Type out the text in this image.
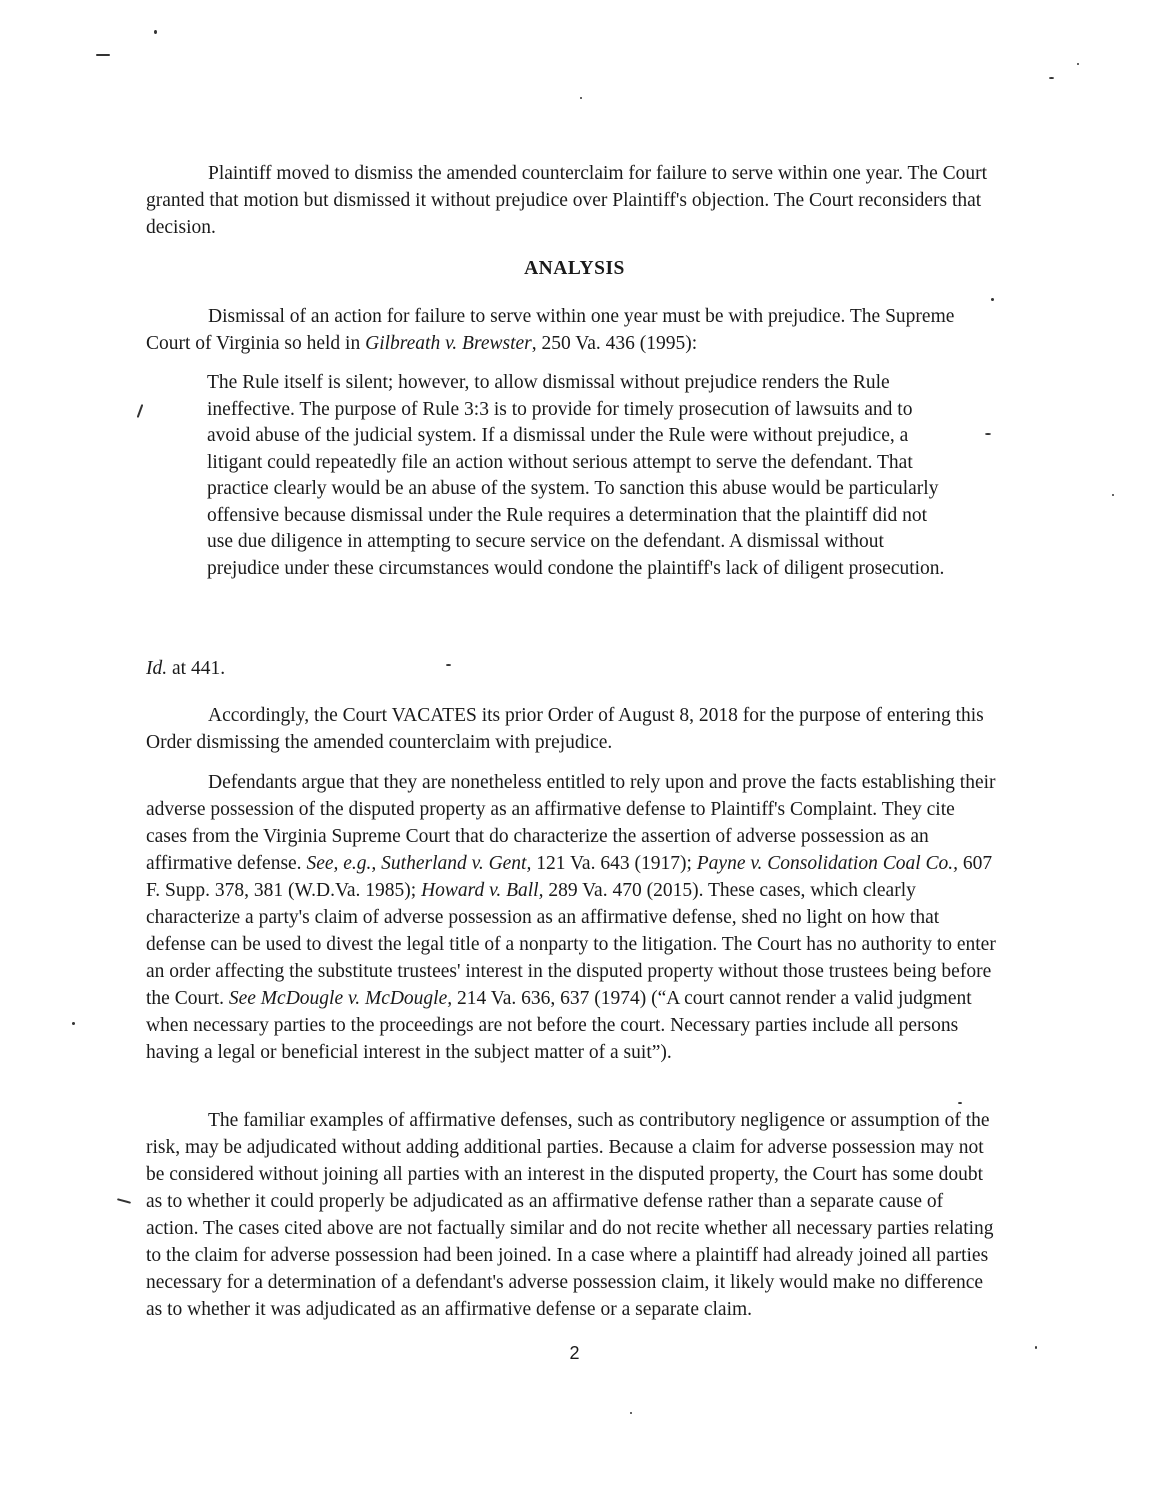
Plaintiff moved to dismiss the amended counterclaim for failure to serve within one year. The Court granted that motion but dismissed it without prejudice over Plaintiff's objection. The Court reconsiders that decision.

ANALYSIS

Dismissal of an action for failure to serve within one year must be with prejudice. The Supreme Court of Virginia so held in Gilbreath v. Brewster, 250 Va. 436 (1995):

The Rule itself is silent; however, to allow dismissal without prejudice renders the Rule ineffective. The purpose of Rule 3:3 is to provide for timely prosecution of lawsuits and to avoid abuse of the judicial system. If a dismissal under the Rule were without prejudice, a litigant could repeatedly file an action without serious attempt to serve the defendant. That practice clearly would be an abuse of the system. To sanction this abuse would be particularly offensive because dismissal under the Rule requires a determination that the plaintiff did not use due diligence in attempting to secure service on the defendant. A dismissal without prejudice under these circumstances would condone the plaintiff's lack of diligent prosecution.

Id. at 441.

Accordingly, the Court VACATES its prior Order of August 8, 2018 for the purpose of entering this Order dismissing the amended counterclaim with prejudice.

Defendants argue that they are nonetheless entitled to rely upon and prove the facts establishing their adverse possession of the disputed property as an affirmative defense to Plaintiff's Complaint. They cite cases from the Virginia Supreme Court that do characterize the assertion of adverse possession as an affirmative defense. See, e.g., Sutherland v. Gent, 121 Va. 643 (1917); Payne v. Consolidation Coal Co., 607 F. Supp. 378, 381 (W.D.Va. 1985); Howard v. Ball, 289 Va. 470 (2015). These cases, which clearly characterize a party's claim of adverse possession as an affirmative defense, shed no light on how that defense can be used to divest the legal title of a nonparty to the litigation. The Court has no authority to enter an order affecting the substitute trustees' interest in the disputed property without those trustees being before the Court. See McDougle v. McDougle, 214 Va. 636, 637 (1974) (“A court cannot render a valid judgment when necessary parties to the proceedings are not before the court. Necessary parties include all persons having a legal or beneficial interest in the subject matter of a suit”).

The familiar examples of affirmative defenses, such as contributory negligence or assumption of the risk, may be adjudicated without adding additional parties. Because a claim for adverse possession may not be considered without joining all parties with an interest in the disputed property, the Court has some doubt as to whether it could properly be adjudicated as an affirmative defense rather than a separate cause of action. The cases cited above are not factually similar and do not recite whether all necessary parties relating to the claim for adverse possession had been joined. In a case where a plaintiff had already joined all parties necessary for a determination of a defendant's adverse possession claim, it likely would make no difference as to whether it was adjudicated as an affirmative defense or a separate claim.

2
